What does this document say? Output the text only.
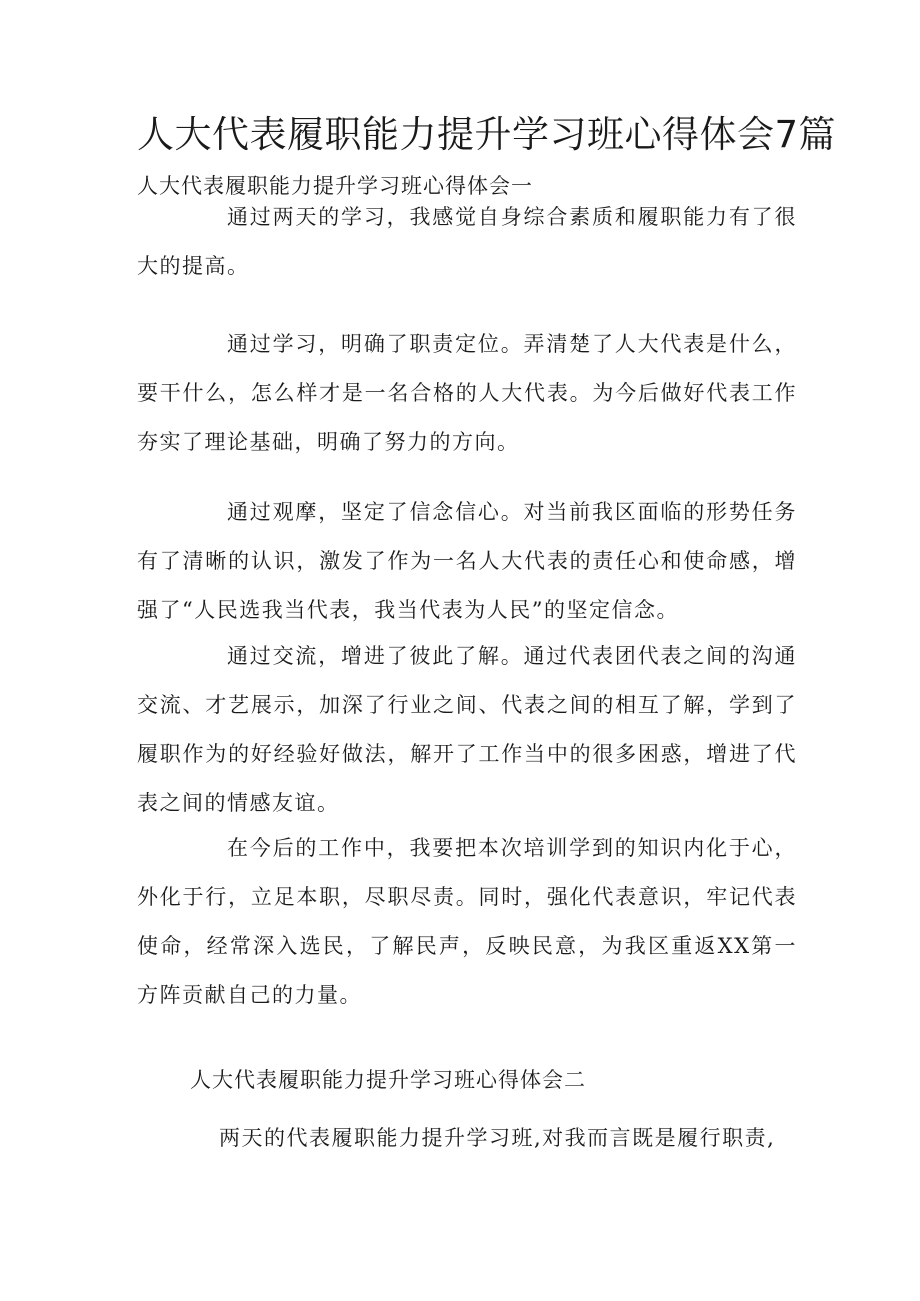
人大代表履职能力提升学习班心得体会7篇
人大代表履职能力提升学习班心得体会一

通过两天的学习，我感觉自身综合素质和履职能力有了很大的提高。

通过学习，明确了职责定位。弄清楚了人大代表是什么，要干什么，怎么样才是一名合格的人大代表。为今后做好代表工作夯实了理论基础，明确了努力的方向。

通过观摩，坚定了信念信心。对当前我区面临的形势任务有了清晰的认识，激发了作为一名人大代表的责任心和使命感，增强了“人民选我当代表，我当代表为人民”的坚定信念。

通过交流，增进了彼此了解。通过代表团代表之间的沟通交流、才艺展示，加深了行业之间、代表之间的相互了解，学到了履职作为的好经验好做法，解开了工作当中的很多困惑，增进了代表之间的情感友谊。

在今后的工作中，我要把本次培训学到的知识内化于心，外化于行，立足本职，尽职尽责。同时，强化代表意识，牢记代表使命，经常深入选民，了解民声，反映民意，为我区重返XX第一方阵贡献自己的力量。

人大代表履职能力提升学习班心得体会二

两天的代表履职能力提升学习班,对我而言既是履行职责,
